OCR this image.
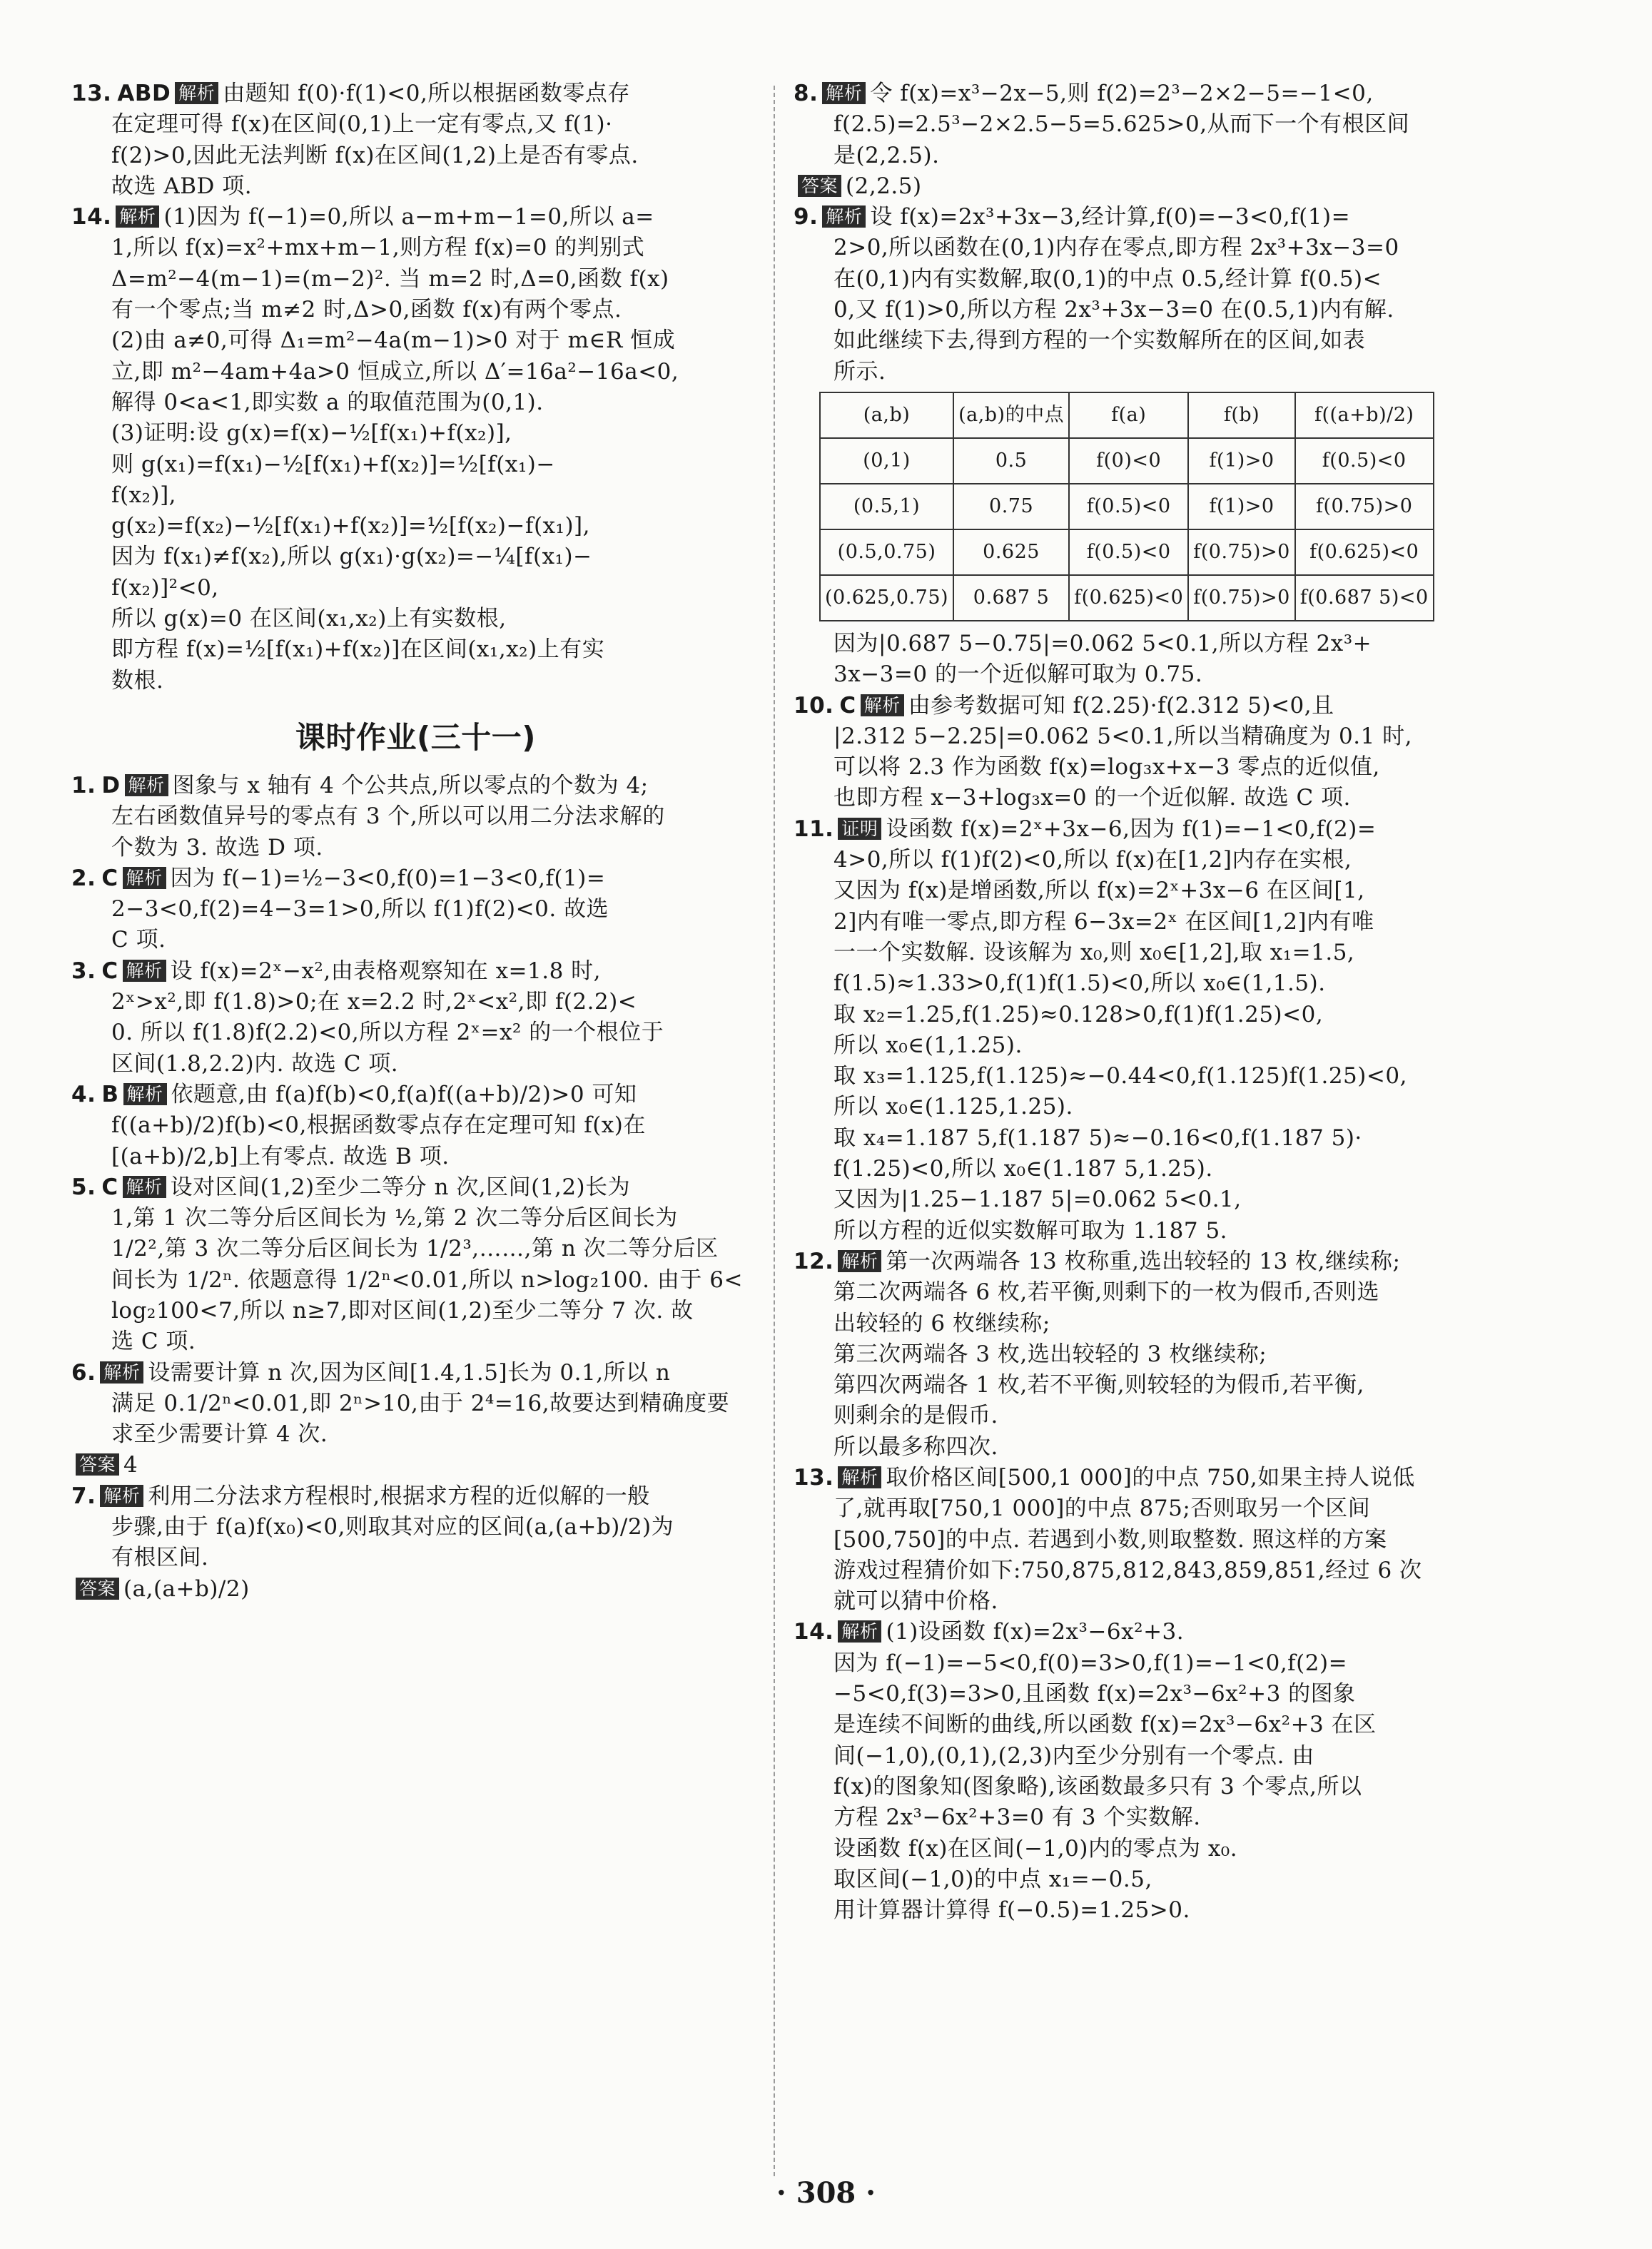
13. ABD 解析 由题知 f(0)·f(1)<0,所以根据函数零点存
在定理可得 f(x)在区间(0,1)上一定有零点,又 f(1)·
f(2)>0,因此无法判断 f(x)在区间(1,2)上是否有零点.
故选 ABD 项.
14. 解析 (1)因为 f(−1)=0,所以 a−m+m−1=0,所以 a=
1,所以 f(x)=x²+mx+m−1,则方程 f(x)=0 的判别式
Δ=m²−4(m−1)=(m−2)². 当 m=2 时,Δ=0,函数 f(x)
有一个零点;当 m≠2 时,Δ>0,函数 f(x)有两个零点.
(2)由 a≠0,可得 Δ₁=m²−4a(m−1)>0 对于 m∈R 恒成
立,即 m²−4am+4a>0 恒成立,所以 Δ′=16a²−16a<0,
解得 0<a<1,即实数 a 的取值范围为(0,1).
(3)证明:设 g(x)=f(x)−½[f(x₁)+f(x₂)],
则 g(x₁)=f(x₁)−½[f(x₁)+f(x₂)]=½[f(x₁)−
f(x₂)],
g(x₂)=f(x₂)−½[f(x₁)+f(x₂)]=½[f(x₂)−f(x₁)],
因为 f(x₁)≠f(x₂),所以 g(x₁)·g(x₂)=−¼[f(x₁)−
f(x₂)]²<0,
所以 g(x)=0 在区间(x₁,x₂)上有实数根,
即方程 f(x)=½[f(x₁)+f(x₂)]在区间(x₁,x₂)上有实
数根.
课时作业(三十一)
1. D 解析 图象与 x 轴有 4 个公共点,所以零点的个数为 4;
左右函数值异号的零点有 3 个,所以可以用二分法求解的
个数为 3. 故选 D 项.
2. C 解析 因为 f(−1)=½−3<0,f(0)=1−3<0,f(1)=
2−3<0,f(2)=4−3=1>0,所以 f(1)f(2)<0. 故选
C 项.
3. C 解析 设 f(x)=2ˣ−x²,由表格观察知在 x=1.8 时,
2ˣ>x²,即 f(1.8)>0;在 x=2.2 时,2ˣ<x²,即 f(2.2)<
0. 所以 f(1.8)f(2.2)<0,所以方程 2ˣ=x² 的一个根位于
区间(1.8,2.2)内. 故选 C 项.
4. B 解析 依题意,由 f(a)f(b)<0,f(a)f((a+b)/2)>0 可知
f((a+b)/2)f(b)<0,根据函数零点存在定理可知 f(x)在
[(a+b)/2,b]上有零点. 故选 B 项.
5. C 解析 设对区间(1,2)至少二等分 n 次,区间(1,2)长为
1,第 1 次二等分后区间长为 ½,第 2 次二等分后区间长为
1/2²,第 3 次二等分后区间长为 1/2³,……,第 n 次二等分后区
间长为 1/2ⁿ. 依题意得 1/2ⁿ<0.01,所以 n>log₂100. 由于 6<
log₂100<7,所以 n≥7,即对区间(1,2)至少二等分 7 次. 故
选 C 项.
6. 解析 设需要计算 n 次,因为区间[1.4,1.5]长为 0.1,所以 n
满足 0.1/2ⁿ<0.01,即 2ⁿ>10,由于 2⁴=16,故要达到精确度要
求至少需要计算 4 次.
答案 4
7. 解析 利用二分法求方程根时,根据求方程的近似解的一般
步骤,由于 f(a)f(x₀)<0,则取其对应的区间(a,(a+b)/2)为
有根区间.
答案 (a,(a+b)/2)
8. 解析 令 f(x)=x³−2x−5,则 f(2)=2³−2×2−5=−1<0,
f(2.5)=2.5³−2×2.5−5=5.625>0,从而下一个有根区间
是(2,2.5).
答案 (2,2.5)
9. 解析 设 f(x)=2x³+3x−3,经计算,f(0)=−3<0,f(1)=
2>0,所以函数在(0,1)内存在零点,即方程 2x³+3x−3=0
在(0,1)内有实数解,取(0,1)的中点 0.5,经计算 f(0.5)<
0,又 f(1)>0,所以方程 2x³+3x−3=0 在(0.5,1)内有解.
如此继续下去,得到方程的一个实数解所在的区间,如表
所示.
(a,b)	(a,b)的中点	f(a)	f(b)	f((a+b)/2)
(0,1)	0.5	f(0)<0	f(1)>0	f(0.5)<0
(0.5,1)	0.75	f(0.5)<0	f(1)>0	f(0.75)>0
(0.5,0.75)	0.625	f(0.5)<0	f(0.75)>0	f(0.625)<0
(0.625,0.75)	0.687 5	f(0.625)<0	f(0.75)>0	f(0.687 5)<0
因为|0.687 5−0.75|=0.062 5<0.1,所以方程 2x³+
3x−3=0 的一个近似解可取为 0.75.
10. C 解析 由参考数据可知 f(2.25)·f(2.312 5)<0,且
|2.312 5−2.25|=0.062 5<0.1,所以当精确度为 0.1 时,
可以将 2.3 作为函数 f(x)=log₃x+x−3 零点的近似值,
也即方程 x−3+log₃x=0 的一个近似解. 故选 C 项.
11. 证明 设函数 f(x)=2ˣ+3x−6,因为 f(1)=−1<0,f(2)=
4>0,所以 f(1)f(2)<0,所以 f(x)在[1,2]内存在实根,
又因为 f(x)是增函数,所以 f(x)=2ˣ+3x−6 在区间[1,
2]内有唯一零点,即方程 6−3x=2ˣ 在区间[1,2]内有唯
一一个实数解. 设该解为 x₀,则 x₀∈[1,2],取 x₁=1.5,
f(1.5)≈1.33>0,f(1)f(1.5)<0,所以 x₀∈(1,1.5).
取 x₂=1.25,f(1.25)≈0.128>0,f(1)f(1.25)<0,
所以 x₀∈(1,1.25).
取 x₃=1.125,f(1.125)≈−0.44<0,f(1.125)f(1.25)<0,
所以 x₀∈(1.125,1.25).
取 x₄=1.187 5,f(1.187 5)≈−0.16<0,f(1.187 5)·
f(1.25)<0,所以 x₀∈(1.187 5,1.25).
又因为|1.25−1.187 5|=0.062 5<0.1,
所以方程的近似实数解可取为 1.187 5.
12. 解析 第一次两端各 13 枚称重,选出较轻的 13 枚,继续称;
第二次两端各 6 枚,若平衡,则剩下的一枚为假币,否则选
出较轻的 6 枚继续称;
第三次两端各 3 枚,选出较轻的 3 枚继续称;
第四次两端各 1 枚,若不平衡,则较轻的为假币,若平衡,
则剩余的是假币.
所以最多称四次.
13. 解析 取价格区间[500,1 000]的中点 750,如果主持人说低
了,就再取[750,1 000]的中点 875;否则取另一个区间
[500,750]的中点. 若遇到小数,则取整数. 照这样的方案
游戏过程猜价如下:750,875,812,843,859,851,经过 6 次
就可以猜中价格.
14. 解析 (1)设函数 f(x)=2x³−6x²+3.
因为 f(−1)=−5<0,f(0)=3>0,f(1)=−1<0,f(2)=
−5<0,f(3)=3>0,且函数 f(x)=2x³−6x²+3 的图象
是连续不间断的曲线,所以函数 f(x)=2x³−6x²+3 在区
间(−1,0),(0,1),(2,3)内至少分别有一个零点. 由
f(x)的图象知(图象略),该函数最多只有 3 个零点,所以
方程 2x³−6x²+3=0 有 3 个实数解.
设函数 f(x)在区间(−1,0)内的零点为 x₀.
取区间(−1,0)的中点 x₁=−0.5,
用计算器计算得 f(−0.5)=1.25>0.
· 308 ·
